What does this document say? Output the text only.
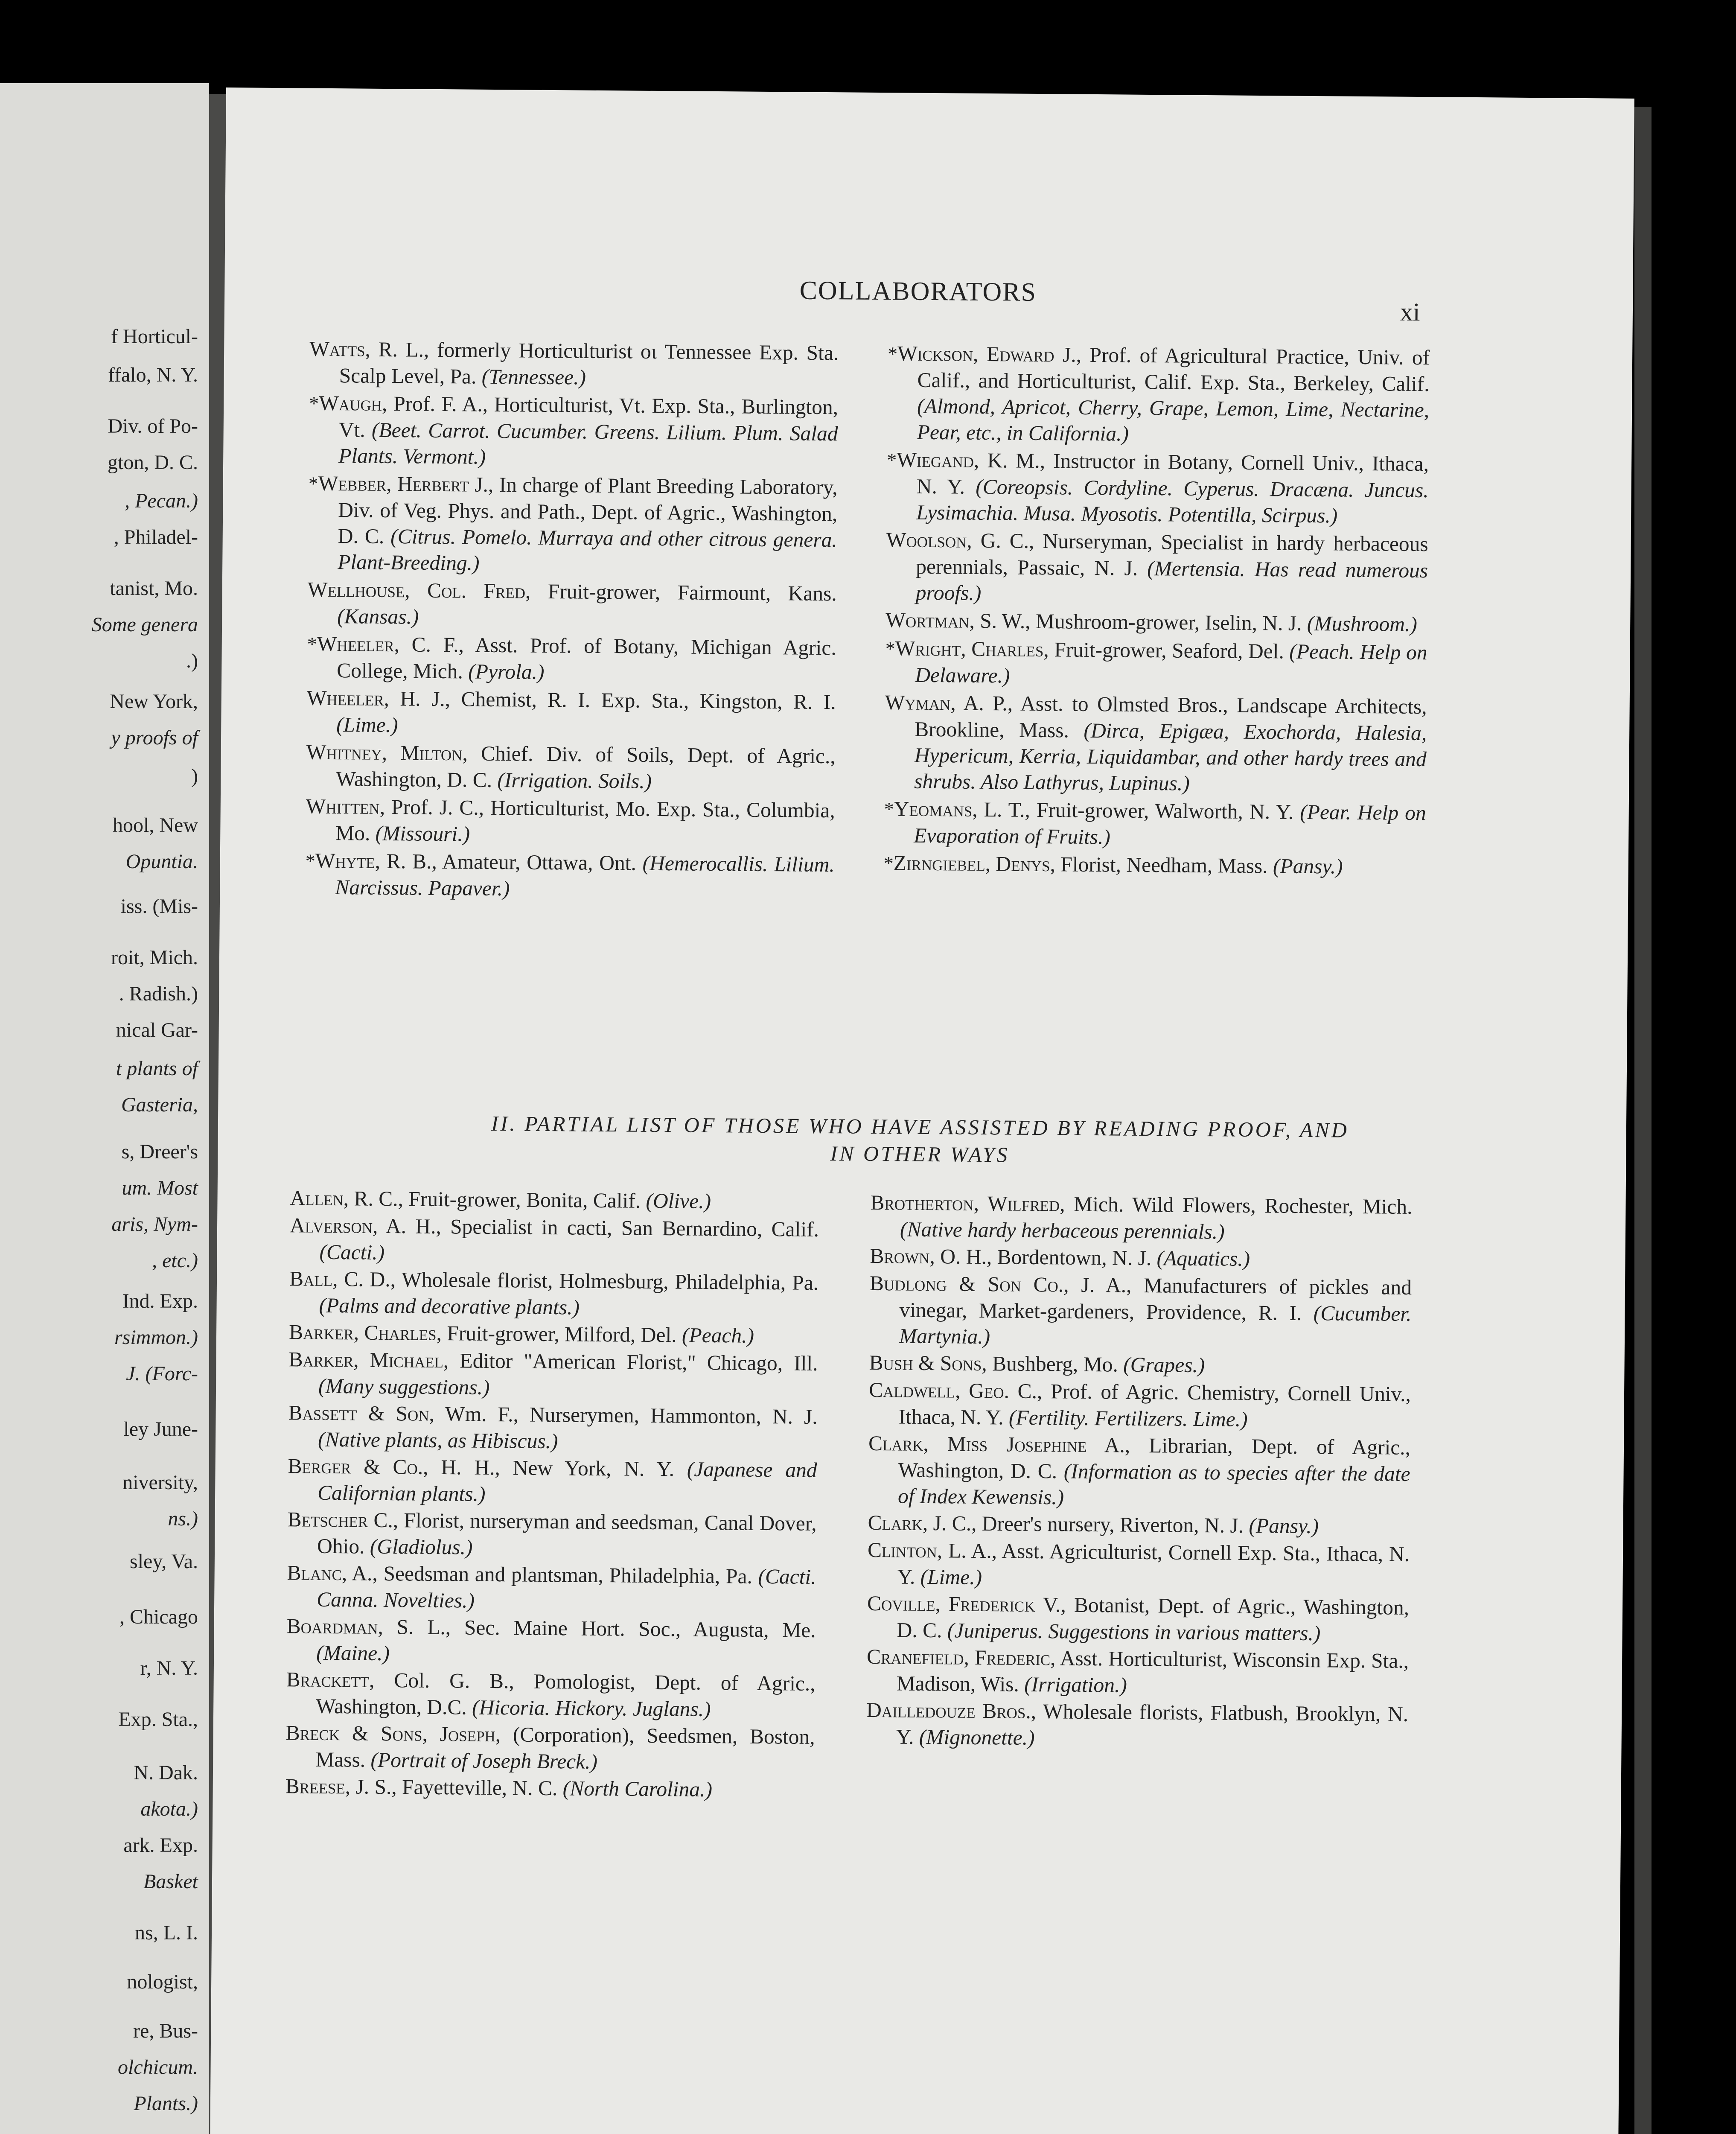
f Horticul-
ffalo, N. Y.
Div. of Po-
gton, D. C.
, Pecan.)
, Philadel-
tanist, Mo.
Some genera
.)
New York,
y proofs of
)
hool, New
Opuntia.
iss. (Mis-
roit, Mich.
. Radish.)
nical Gar-
t plants of
Gasteria,
s, Dreer's
um. Most
aris, Nym-
, etc.)
Ind. Exp.
rsimmon.)
J. (Forc-
ley June-
niversity,
ns.)
sley, Va.
, Chicago
r, N. Y.
Exp. Sta.,
N. Dak.
akota.)
ark. Exp.
Basket
ns, L. I.
nologist,
re, Bus-
olchicum.
Plants.)
COLLABORATORS
xi
Watts, R. L., formerly Horticulturist oι Tennessee Exp. Sta. Scalp Level, Pa. (Tennessee.)
*Waugh, Prof. F. A., Horticulturist, Vt. Exp. Sta., Burlington, Vt. (Beet. Carrot. Cucumber. Greens. Lilium. Plum. Salad Plants. Vermont.)
*Webber, Herbert J., In charge of Plant Breeding Laboratory, Div. of Veg. Phys. and Path., Dept. of Agric., Washington, D. C. (Citrus. Pomelo. Murraya and other citrous genera. Plant-Breeding.)
Wellhouse, Col. Fred, Fruit-grower, Fairmount, Kans. (Kansas.)
*Wheeler, C. F., Asst. Prof. of Botany, Michigan Agric. College, Mich. (Pyrola.)
Wheeler, H. J., Chemist, R. I. Exp. Sta., Kingston, R. I. (Lime.)
Whitney, Milton, Chief. Div. of Soils, Dept. of Agric., Washington, D. C. (Irrigation. Soils.)
Whitten, Prof. J. C., Horticulturist, Mo. Exp. Sta., Columbia, Mo. (Missouri.)
*Whyte, R. B., Amateur, Ottawa, Ont. (Hemerocallis. Lilium. Narcissus. Papaver.)
*Wickson, Edward J., Prof. of Agricultural Practice, Univ. of Calif., and Horticulturist, Calif. Exp. Sta., Berkeley, Calif. (Almond, Apricot, Cherry, Grape, Lemon, Lime, Nectarine, Pear, etc., in California.)
*Wiegand, K. M., Instructor in Botany, Cornell Univ., Ithaca, N. Y. (Coreopsis. Cordyline. Cyperus. Dracæna. Juncus. Lysimachia. Musa. Myosotis. Potentilla, Scirpus.)
Woolson, G. C., Nurseryman, Specialist in hardy herbaceous perennials, Passaic, N. J. (Mertensia. Has read numerous proofs.)
Wortman, S. W., Mushroom-grower, Iselin, N. J. (Mushroom.)
*Wright, Charles, Fruit-grower, Seaford, Del. (Peach. Help on Delaware.)
Wyman, A. P., Asst. to Olmsted Bros., Landscape Architects, Brookline, Mass. (Dirca, Epigæa, Exochorda, Halesia, Hypericum, Kerria, Liquidambar, and other hardy trees and shrubs. Also Lathyrus, Lupinus.)
*Yeomans, L. T., Fruit-grower, Walworth, N. Y. (Pear. Help on Evaporation of Fruits.)
*Zirngiebel, Denys, Florist, Needham, Mass. (Pansy.)
II. PARTIAL LIST OF THOSE WHO HAVE ASSISTED BY READING PROOF, AND
IN OTHER WAYS
Allen, R. C., Fruit-grower, Bonita, Calif. (Olive.)
Alverson, A. H., Specialist in cacti, San Bernardino, Calif. (Cacti.)
Ball, C. D., Wholesale florist, Holmesburg, Philadelphia, Pa. (Palms and decorative plants.)
Barker, Charles, Fruit-grower, Milford, Del. (Peach.)
Barker, Michael, Editor "American Florist," Chicago, Ill. (Many suggestions.)
Bassett & Son, Wm. F., Nurserymen, Hammonton, N. J. (Native plants, as Hibiscus.)
Berger & Co., H. H., New York, N. Y. (Japanese and Californian plants.)
Betscher C., Florist, nurseryman and seedsman, Canal Dover, Ohio. (Gladiolus.)
Blanc, A., Seedsman and plantsman, Philadelphia, Pa. (Cacti. Canna. Novelties.)
Boardman, S. L., Sec. Maine Hort. Soc., Augusta, Me. (Maine.)
Brackett, Col. G. B., Pomologist, Dept. of Agric., Washington, D.C. (Hicoria. Hickory. Juglans.)
Breck & Sons, Joseph, (Corporation), Seedsmen, Boston, Mass. (Portrait of Joseph Breck.)
Breese, J. S., Fayetteville, N. C. (North Carolina.)
Brotherton, Wilfred, Mich. Wild Flowers, Rochester, Mich. (Native hardy herbaceous perennials.)
Brown, O. H., Bordentown, N. J. (Aquatics.)
Budlong & Son Co., J. A., Manufacturers of pickles and vinegar, Market-gardeners, Providence, R. I. (Cucumber. Martynia.)
Bush & Sons, Bushberg, Mo. (Grapes.)
Caldwell, Geo. C., Prof. of Agric. Chemistry, Cornell Univ., Ithaca, N. Y. (Fertility. Fertilizers. Lime.)
Clark, Miss Josephine A., Librarian, Dept. of Agric., Washington, D. C. (Information as to species after the date of Index Kewensis.)
Clark, J. C., Dreer's nursery, Riverton, N. J. (Pansy.)
Clinton, L. A., Asst. Agriculturist, Cornell Exp. Sta., Ithaca, N. Y. (Lime.)
Coville, Frederick V., Botanist, Dept. of Agric., Washington, D. C. (Juniperus. Suggestions in various matters.)
Cranefield, Frederic, Asst. Horticulturist, Wisconsin Exp. Sta., Madison, Wis. (Irrigation.)
Dailledouze Bros., Wholesale florists, Flatbush, Brooklyn, N. Y. (Mignonette.)
